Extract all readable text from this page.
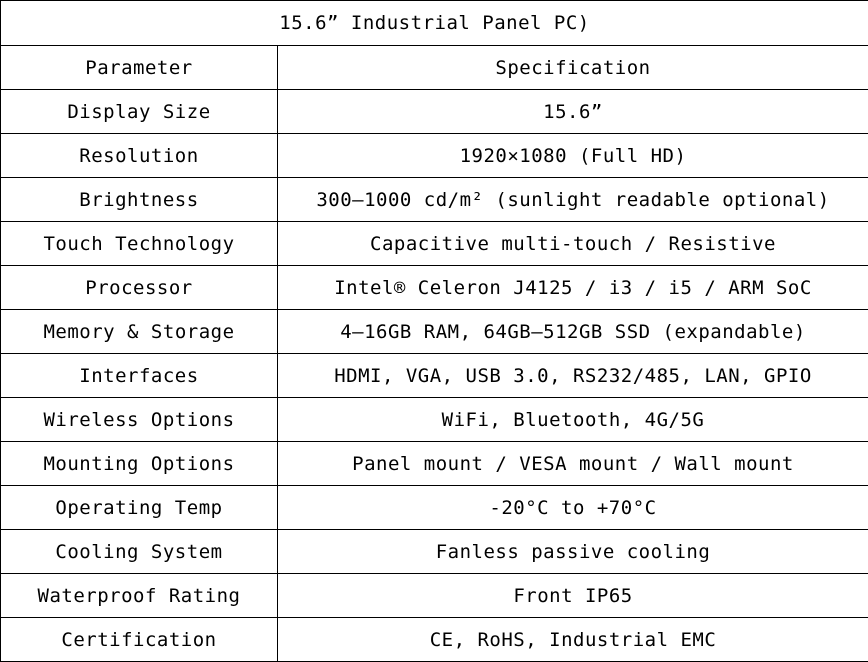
15.6” Industrial Panel PC)	
Parameter	Specification
Display Size	15.6”
Resolution	1920×1080 (Full HD)
Brightness	300–1000 cd/m² (sunlight readable optional)
Touch Technology	Capacitive multi-touch / Resistive
Processor	Intel® Celeron J4125 / i3 / i5 / ARM SoC
Memory & Storage	4–16GB RAM, 64GB–512GB SSD (expandable)
Interfaces	HDMI, VGA, USB 3.0, RS232/485, LAN, GPIO
Wireless Options	WiFi, Bluetooth, 4G/5G
Mounting Options	Panel mount / VESA mount / Wall mount
Operating Temp	-20°C to +70°C
Cooling System	Fanless passive cooling
Waterproof Rating	Front IP65
Certification	CE, RoHS, Industrial EMC
